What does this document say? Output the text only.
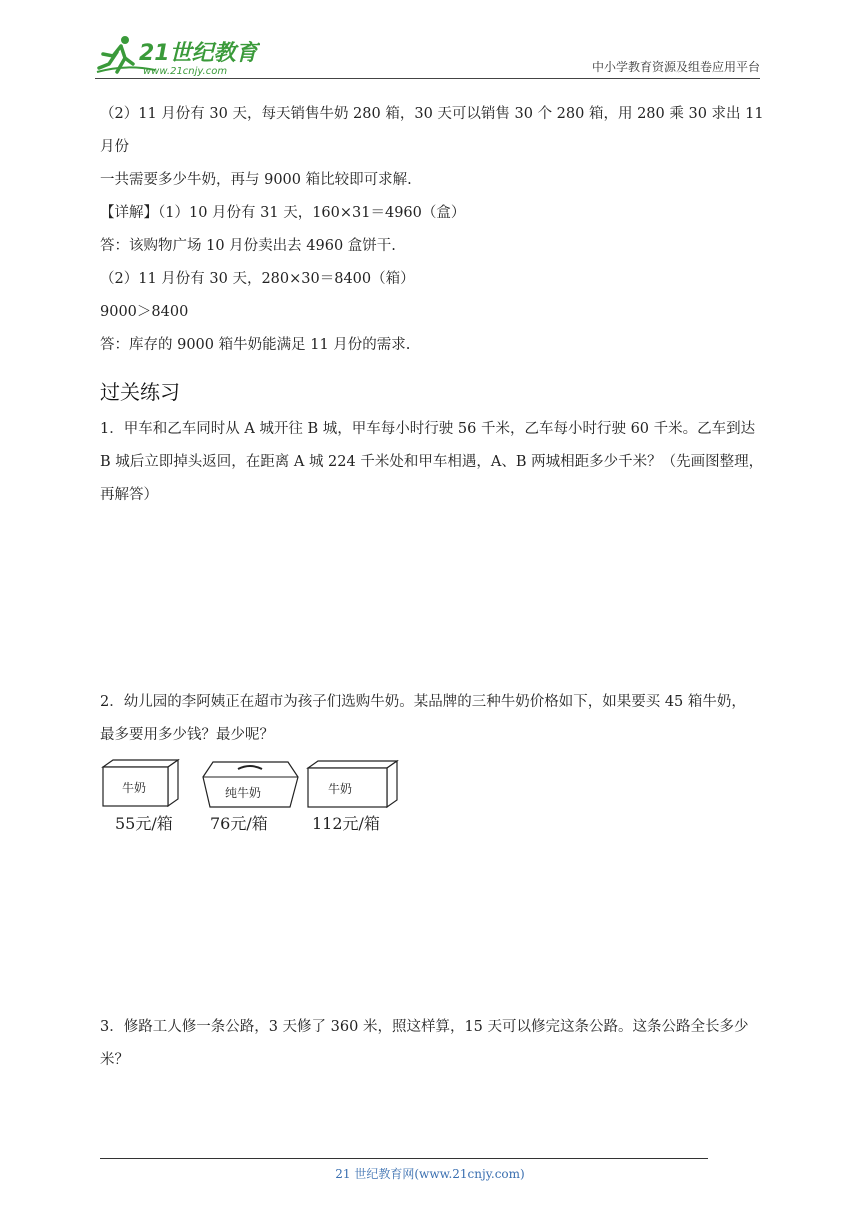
21世纪教育
www.21cnjy.com	中小学教育资源及组卷应用平台
（2）11 月份有 30 天，每天销售牛奶 280 箱，30 天可以销售 30 个 280 箱，用 280 乘 30 求出 11 月份
一共需要多少牛奶，再与 9000 箱比较即可求解.
【详解】（1）10 月份有 31 天，160×31＝4960（盒）
答：该购物广场 10 月份卖出去 4960 盒饼干.
（2）11 月份有 30 天，280×30＝8400（箱）
9000＞8400
答：库存的 9000 箱牛奶能满足 11 月份的需求.
过关练习
1．甲车和乙车同时从 A 城开往 B 城，甲车每小时行驶 56 千米，乙车每小时行驶 60 千米。乙车到达
B 城后立即掉头返回，在距离 A 城 224 千米处和甲车相遇，A、B 两城相距多少千米？（先画图整理，
再解答）
2．幼儿园的李阿姨正在超市为孩子们选购牛奶。某品牌的三种牛奶价格如下，如果要买 45 箱牛奶，
最多要用多少钱？最少呢？
牛奶
55元/箱
纯牛奶
76元/箱
牛奶
112元/箱
3．修路工人修一条公路，3 天修了 360 米，照这样算，15 天可以修完这条公路。这条公路全长多少
米？
21 世纪教育网(www.21cnjy.com)
